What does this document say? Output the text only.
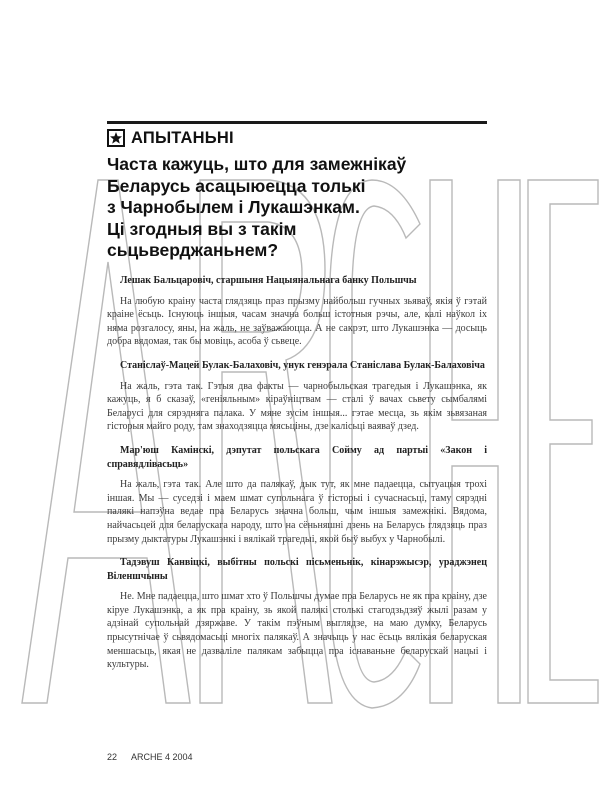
АПЫТАНЬНІ
Часта кажуць, што для замежнікаў
Беларусь асацыюецца толькі
з Чарнобылем і Лукашэнкам.
Ці згодныя вы з такім
сьцьверджаньнем?

Лешак Бальцаровіч, старшыня Нацыянальнага банку Польшчы

На любую краіну часта глядзяць праз прызму найбольш гучных зьяваў, якія ў гэтай краіне ёсьць. Існуюць іншыя, часам значна больш істотныя рэчы, але, калі наўкол іх няма розгалосу, яны, на жаль, не заўважаюцца. А не сакрэт, што Лукашэнка — досыць добра вядомая, так бы мовіць, асоба ў сьвеце.

Станіслаў-Мацей Булак-Балаховіч, унук генэрала Станіслава Булак-Балаховіча

На жаль, гэта так. Гэтыя два факты — чарнобыльская трагедыя і Лукашэнка, як кажуць, я б сказаў, «геніяльным» кіраўніцтвам — сталі ў вачах сьвету сымбалямі Беларусі для сярэдняга палака. У мяне зусім іншыя... гэтае месца, зь якім зьвязаная гісторыя майго роду, там знаходзяцца мясьціны, дзе калісьці ваяваў дзед.

Мар'юш Камінскі, дэпутат польскага Сойму ад партыі «Закон і справядлівасьць»

На жаль, гэта так. Але што да палякаў, дык тут, як мне падаецца, сытуацыя трохі іншая. Мы — суседзі і маем шмат супольнага ў гісторыі і сучаснасьці, таму сярэдні палякі напэўна ведае пра Беларусь значна больш, чым іншыя замежнікі. Вядома, найчасьцей для беларускага народу, што на сёньняшні дзень на Беларусь глядзяць праз прызму дыктатуры Лукашэнкі і вялікай трагедыі, якой быў выбух у Чарнобылі.

Тадэвуш Канвіцкі, выбітны польскі пісьменьнік, кінарэжысэр, ураджэнец Віленшчыны

Не. Мне падаецца, што шмат хто ў Польшчы думае пра Беларусь не як пра краіну, дзе кіруе Лукашэнка, а як пра краіну, зь якой палякі столькі стагодзьдзяў жылі разам у адзінай супольнай дзяржаве. У такім пэўным выглядзе, на маю думку, Беларусь прысутнічае ў сьвядомасьці многіх палякаў. А значыць у нас ёсьць вялікая беларуская меншасьць, якая не дазваліле палякам забыцца пра існаваньне беларускай нацыі і культуры.

22 ARCHE 4 2004
